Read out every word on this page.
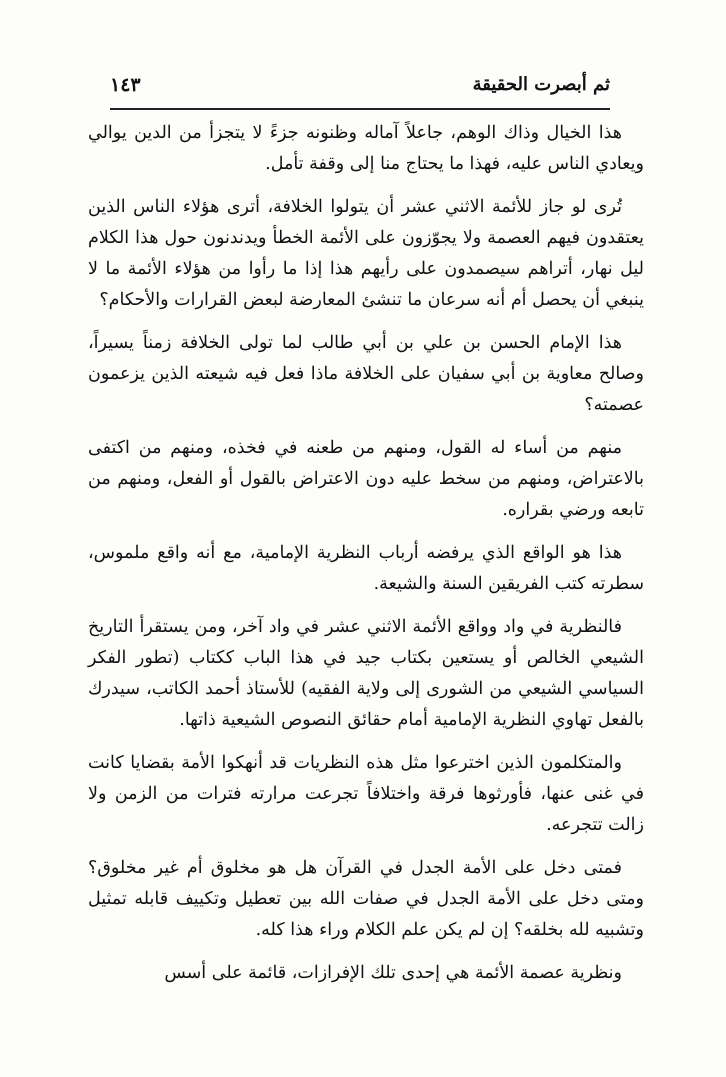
ثم أبصرت الحقيقة
١٤٣

هذا الخيال وذاك الوهم، جاعلاً آماله وظنونه جزءً لا يتجزأ من الدين يوالي ويعادي الناس عليه، فهذا ما يحتاج منا إلى وقفة تأمل.

تُرى لو جاز للأئمة الاثني عشر أن يتولوا الخلافة، أترى هؤلاء الناس الذين يعتقدون فيهم العصمة ولا يجوّزون على الأئمة الخطأ ويدندنون حول هذا الكلام ليل نهار، أتراهم سيصمدون على رأيهم هذا إذا ما رأوا من هؤلاء الأئمة ما لا ينبغي أن يحصل أم أنه سرعان ما تنشئ المعارضة لبعض القرارات والأحكام؟

هذا الإمام الحسن بن علي بن أبي طالب لما تولى الخلافة زمناً يسيراً، وصالح معاوية بن أبي سفيان على الخلافة ماذا فعل فيه شيعته الذين يزعمون عصمته؟

منهم من أساء له القول، ومنهم من طعنه في فخذه، ومنهم من اكتفى بالاعتراض، ومنهم من سخط عليه دون الاعتراض بالقول أو الفعل، ومنهم من تابعه ورضي بقراره.

هذا هو الواقع الذي يرفضه أرباب النظرية الإمامية، مع أنه واقع ملموس، سطرته كتب الفريقين السنة والشيعة.

فالنظرية في واد وواقع الأئمة الاثني عشر في واد آخر، ومن يستقرأ التاريخ الشيعي الخالص أو يستعين بكتاب جيد في هذا الباب ككتاب (تطور الفكر السياسي الشيعي من الشورى إلى ولاية الفقيه) للأستاذ أحمد الكاتب، سيدرك بالفعل تهاوي النظرية الإمامية أمام حقائق النصوص الشيعية ذاتها.

والمتكلمون الذين اخترعوا مثل هذه النظريات قد أنهكوا الأمة بقضايا كانت في غنى عنها، فأورثوها فرقة واختلافاً تجرعت مرارته فترات من الزمن ولا زالت تتجرعه.

فمتى دخل على الأمة الجدل في القرآن هل هو مخلوق أم غير مخلوق؟ ومتى دخل على الأمة الجدل في صفات الله بين تعطيل وتكييف قابله تمثيل وتشبيه لله بخلقه؟ إن لم يكن علم الكلام وراء هذا كله.

ونظرية عصمة الأئمة هي إحدى تلك الإفرازات، قائمة على أسس
